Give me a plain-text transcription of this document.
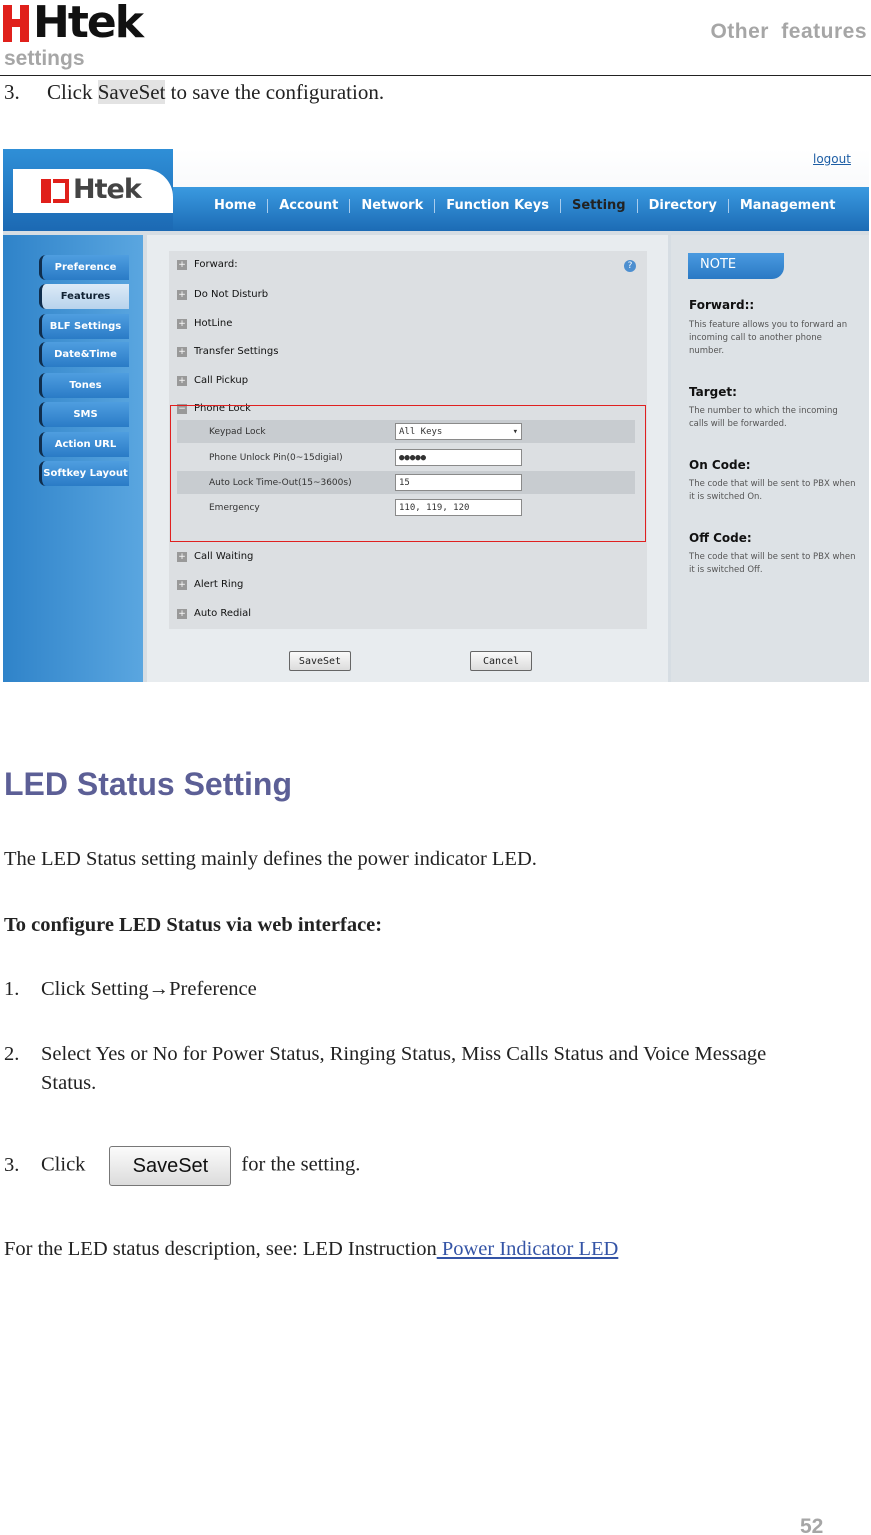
Htek	Other features
settings
3. Click SaveSet to save the configuration.
Htek
logout
Home	Account	Network	Function Keys	Setting	Directory	Management
Preference
Features
BLF Settings
Date&Time
Tones
SMS
Action URL
Softkey Layout
+ Forward:	?
+ Do Not Disturb
+ HotLine
+ Transfer Settings
+ Call Pickup
− Phone Lock
Keypad Lock	All Keys	▾
Phone Unlock Pin(0~15digial)	●●●●●
Auto Lock Time-Out(15~3600s)	15
Emergency	110, 119, 120
+ Call Waiting
+ Alert Ring
+ Auto Redial
SaveSet	Cancel
NOTE
Forward::
This feature allows you to forward an incoming call to another phone number.
Target:
The number to which the incoming calls will be forwarded.
On Code:
The code that will be sent to PBX when it is switched On.
Off Code:
The code that will be sent to PBX when it is switched Off.
LED Status Setting
The LED Status setting mainly defines the power indicator LED.
To configure LED Status via web interface:
1. Click Setting→Preference
2.	Select Yes or No for Power Status, Ringing Status, Miss Calls Status and Voice Message
Status.
3. Click SaveSet for the setting.
For the LED status description, see: LED Instruction Power Indicator LED
52
